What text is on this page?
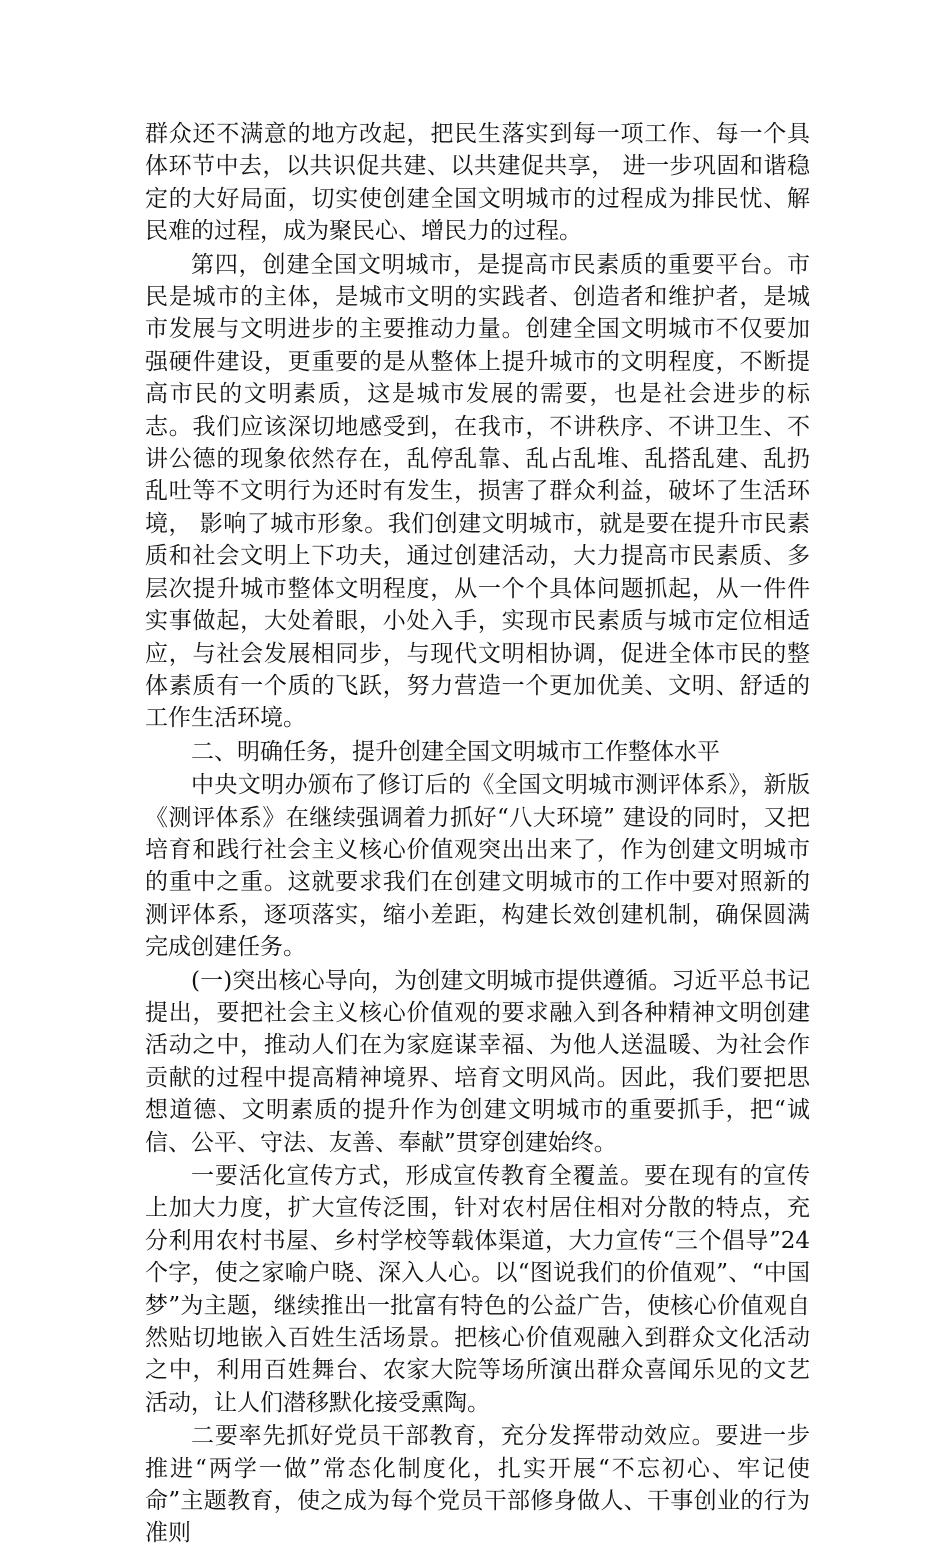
群众还不满意的地方改起，把民生落实到每一项工作、每一个具体环节中去，以共识促共建、以共建促共享， 进一步巩固和谐稳定的大好局面，切实使创建全国文明城市的过程成为排民忧、解民难的过程，成为聚民心、增民力的过程。

第四，创建全国文明城市，是提高市民素质的重要平台。市民是城市的主体，是城市文明的实践者、创造者和维护者，是城市发展与文明进步的主要推动力量。创建全国文明城市不仅要加强硬件建设，更重要的是从整体上提升城市的文明程度，不断提高市民的文明素质，这是城市发展的需要，也是社会进步的标志。我们应该深切地感受到，在我市，不讲秩序、不讲卫生、不讲公德的现象依然存在，乱停乱靠、乱占乱堆、乱搭乱建、乱扔乱吐等不文明行为还时有发生，损害了群众利益，破坏了生活环境， 影响了城市形象。我们创建文明城市，就是要在提升市民素质和社会文明上下功夫，通过创建活动，大力提高市民素质、多层次提升城市整体文明程度，从一个个具体问题抓起，从一件件实事做起，大处着眼，小处入手，实现市民素质与城市定位相适应，与社会发展相同步，与现代文明相协调，促进全体市民的整体素质有一个质的飞跃，努力营造一个更加优美、文明、舒适的工作生活环境。

二、明确任务，提升创建全国文明城市工作整体水平

中央文明办颁布了修订后的《全国文明城市测评体系》，新版《测评体系》在继续强调着力抓好“八大环境” 建设的同时，又把培育和践行社会主义核心价值观突出出来了，作为创建文明城市的重中之重。这就要求我们在创建文明城市的工作中要对照新的测评体系，逐项落实，缩小差距，构建长效创建机制，确保圆满完成创建任务。

(一)突出核心导向，为创建文明城市提供遵循。习近平总书记提出，要把社会主义核心价值观的要求融入到各种精神文明创建活动之中，推动人们在为家庭谋幸福、为他人送温暖、为社会作贡献的过程中提高精神境界、培育文明风尚。因此，我们要把思想道德、文明素质的提升作为创建文明城市的重要抓手，把“诚信、公平、守法、友善、奉献”贯穿创建始终。

一要活化宣传方式，形成宣传教育全覆盖。要在现有的宣传上加大力度，扩大宣传泛围，针对农村居住相对分散的特点，充分利用农村书屋、乡村学校等载体渠道，大力宣传“三个倡导”24 个字，使之家喻户晓、深入人心。以“图说我们的价值观”、“中国梦”为主题，继续推出一批富有特色的公益广告，使核心价值观自然贴切地嵌入百姓生活场景。把核心价值观融入到群众文化活动之中，利用百姓舞台、农家大院等场所演出群众喜闻乐见的文艺活动，让人们潜移默化接受熏陶。

二要率先抓好党员干部教育，充分发挥带动效应。要进一步推进“两学一做”常态化制度化，扎实开展“不忘初心、牢记使命”主题教育，使之成为每个党员干部修身做人、干事创业的行为准则
